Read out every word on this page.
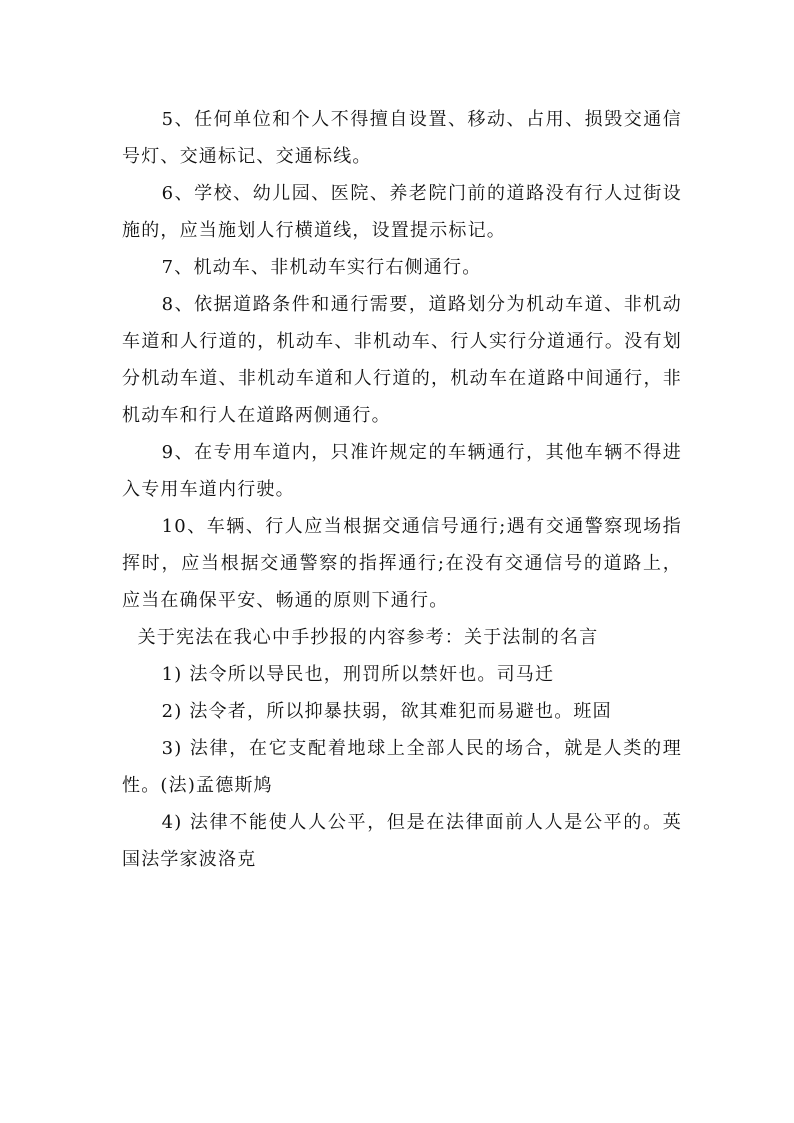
5、任何单位和个人不得擅自设置、移动、占用、损毁交通信号灯、交通标记、交通标线。

6、学校、幼儿园、医院、养老院门前的道路没有行人过街设施的，应当施划人行横道线，设置提示标记。

7、机动车、非机动车实行右侧通行。

8、依据道路条件和通行需要，道路划分为机动车道、非机动车道和人行道的，机动车、非机动车、行人实行分道通行。没有划分机动车道、非机动车道和人行道的，机动车在道路中间通行，非机动车和行人在道路两侧通行。

9、在专用车道内，只准许规定的车辆通行，其他车辆不得进入专用车道内行驶。

10、车辆、行人应当根据交通信号通行;遇有交通警察现场指挥时，应当根据交通警察的指挥通行;在没有交通信号的道路上，应当在确保平安、畅通的原则下通行。

关于宪法在我心中手抄报的内容参考：关于法制的名言

1) 法令所以导民也，刑罚所以禁奸也。司马迁

2) 法令者，所以抑暴扶弱，欲其难犯而易避也。班固

3) 法律，在它支配着地球上全部人民的场合，就是人类的理性。(法)孟德斯鸠

4) 法律不能使人人公平，但是在法律面前人人是公平的。英国法学家波洛克
